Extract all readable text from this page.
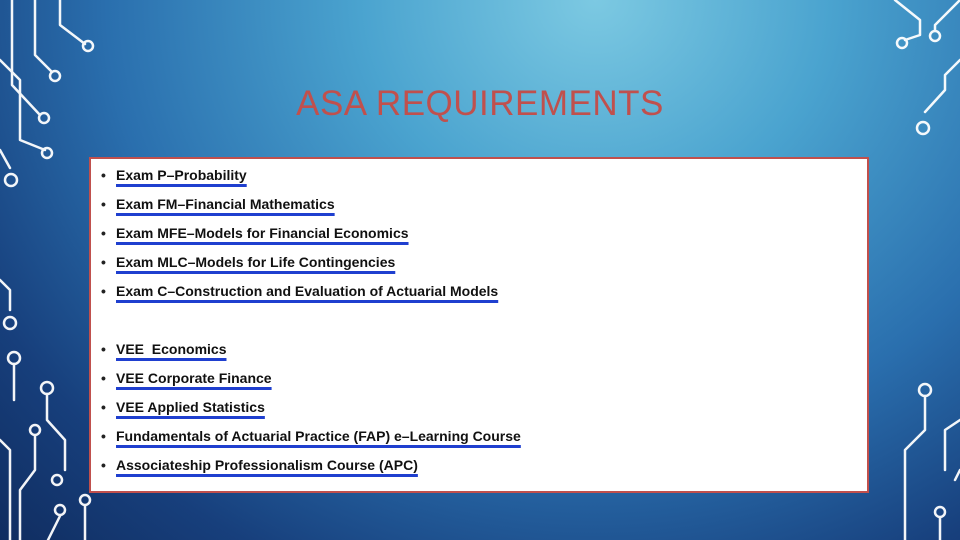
ASA REQUIREMENTS
• Exam P–Probability
• Exam FM–Financial Mathematics
• Exam MFE–Models for Financial Economics
• Exam MLC–Models for Life Contingencies
• Exam C–Construction and Evaluation of Actuarial Models
• VEE  Economics
• VEE Corporate Finance
• VEE Applied Statistics
• Fundamentals of Actuarial Practice (FAP) e–Learning Course
• Associateship Professionalism Course (APC)
